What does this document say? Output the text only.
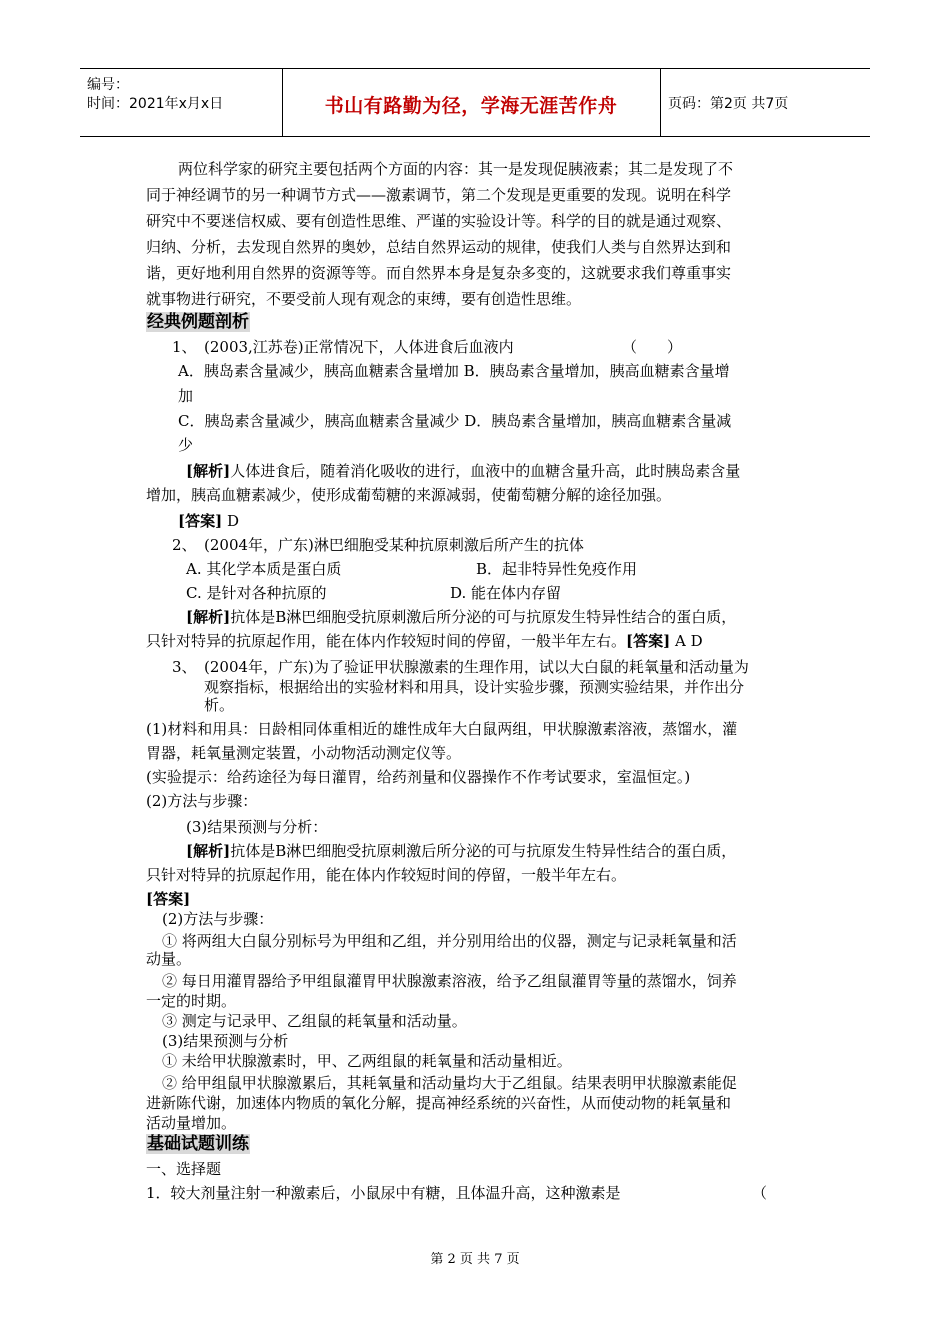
编号：
时间：2021年x月x日	书山有路勤为径，学海无涯苦作舟	页码：第2页 共7页
两位科学家的研究主要包括两个方面的内容：其一是发现促胰液素；其二是发现了不
同于神经调节的另一种调节方式——激素调节，第二个发现是更重要的发现。说明在科学
研究中不要迷信权威、要有创造性思维、严谨的实验设计等。科学的目的就是通过观察、
归纳、分析，去发现自然界的奥妙，总结自然界运动的规律，使我们人类与自然界达到和
谐，更好地利用自然界的资源等等。而自然界本身是复杂多变的，这就要求我们尊重事实
就事物进行研究，不要受前人现有观念的束缚，要有创造性思维。
经典例题剖析
1、 (2003,江苏卷)正常情况下，人体进食后血液内	（　　）
A．胰岛素含量减少，胰高血糖素含量增加 B．胰岛素含量增加，胰高血糖素含量增
加
C．胰岛素含量减少，胰高血糖素含量减少 D．胰岛素含量增加，胰高血糖素含量减
少
[解析]人体进食后，随着消化吸收的进行，血液中的血糖含量升高，此时胰岛素含量
增加，胰高血糖素减少，使形成葡萄糖的来源减弱，使葡萄糖分解的途径加强。
[答案] D
2、 (2004年，广东)淋巴细胞受某种抗原刺激后所产生的抗体
A. 其化学本质是蛋白质	B．起非特异性免疫作用
C. 是针对各种抗原的	D. 能在体内存留
[解析]抗体是B淋巴细胞受抗原刺激后所分泌的可与抗原发生特异性结合的蛋白质，
只针对特异的抗原起作用，能在体内作较短时间的停留，一般半年左右。[答案] A D
3、 (2004年，广东)为了验证甲状腺激素的生理作用，试以大白鼠的耗氧量和活动量为
观察指标，根据给出的实验材料和用具，设计实验步骤，预测实验结果，并作出分
析。
(1)材料和用具：日龄相同体重相近的雄性成年大白鼠两组，甲状腺激素溶液，蒸馏水，灌
胃器，耗氧量测定装置，小动物活动测定仪等。
(实验提示：给药途径为每日灌胃，给药剂量和仪器操作不作考试要求，室温恒定。)
(2)方法与步骤：
(3)结果预测与分析：
[解析]抗体是B淋巴细胞受抗原刺激后所分泌的可与抗原发生特异性结合的蛋白质，
只针对特异的抗原起作用，能在体内作较短时间的停留，一般半年左右。
[答案]
(2)方法与步骤：
① 将两组大白鼠分别标号为甲组和乙组，并分别用给出的仪器，测定与记录耗氧量和活
动量。
② 每日用灌胃器给予甲组鼠灌胃甲状腺激素溶液，给予乙组鼠灌胃等量的蒸馏水，饲养
一定的时期。
③ 测定与记录甲、乙组鼠的耗氧量和活动量。
(3)结果预测与分析
① 未给甲状腺激素时，甲、乙两组鼠的耗氧量和活动量相近。
② 给甲组鼠甲状腺激累后，其耗氧量和活动量均大于乙组鼠。结果表明甲状腺激素能促
进新陈代谢，加速体内物质的氧化分解，提高神经系统的兴奋性，从而使动物的耗氧量和
活动量增加。
基础试题训练
一、选择题
1．较大剂量注射一种激素后，小鼠尿中有糖，且体温升高，这种激素是	（
第 2 页 共 7 页
